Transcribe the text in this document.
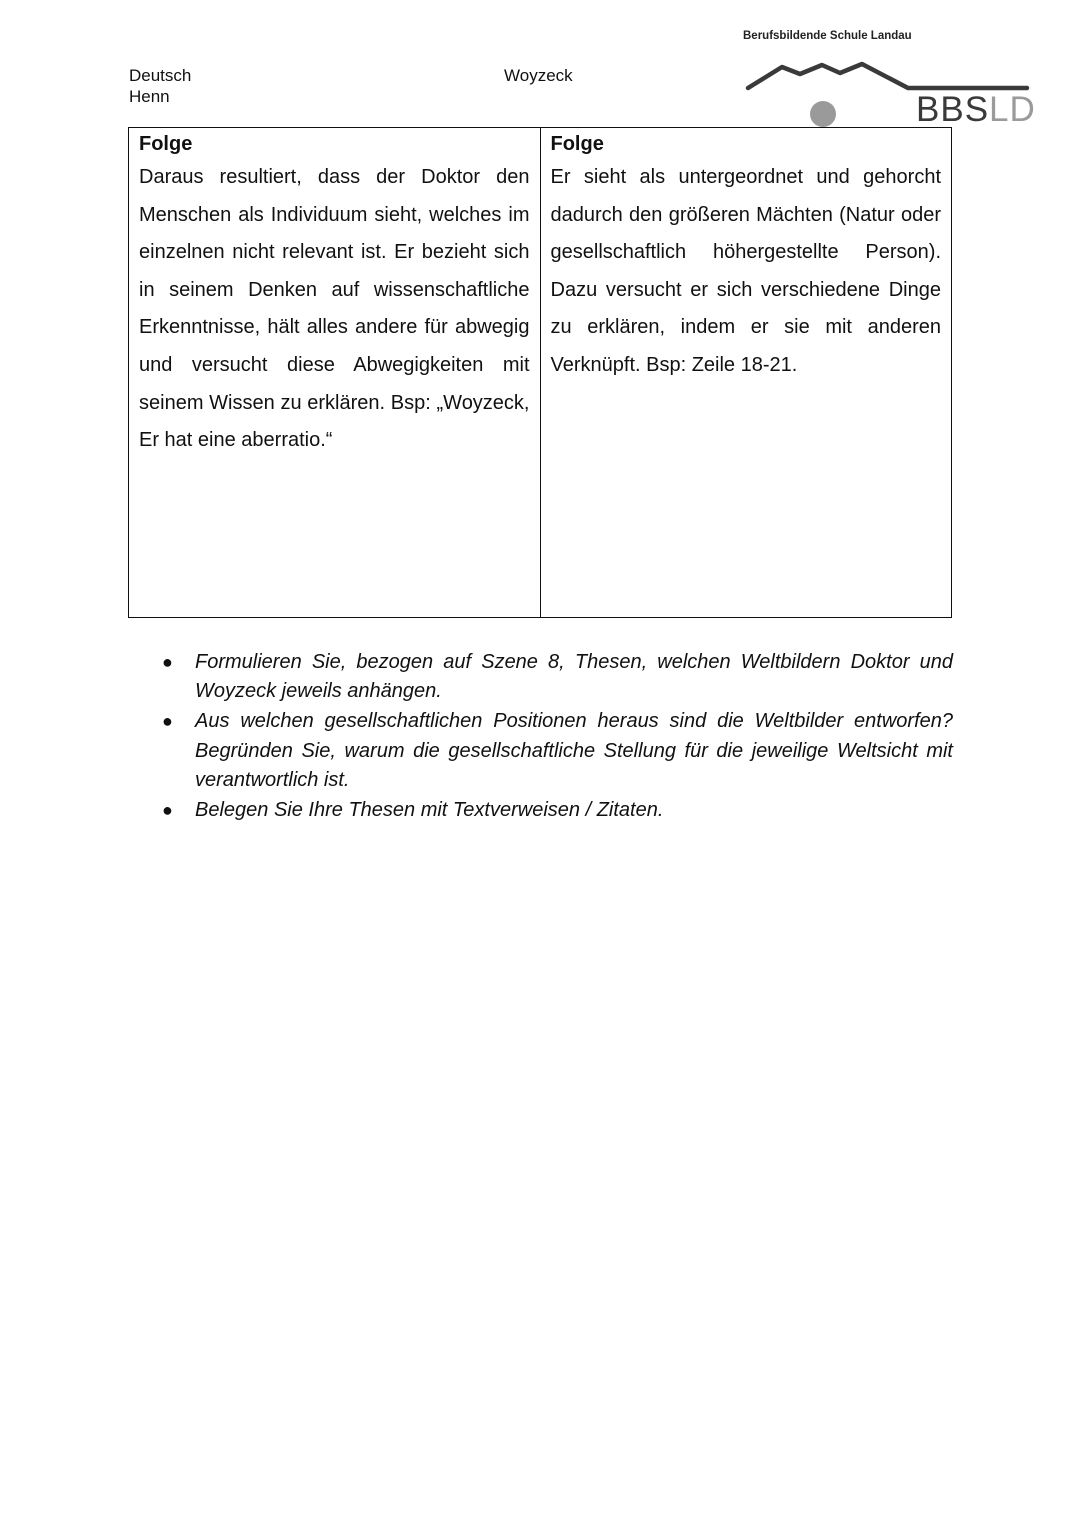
Deutsch
Henn
Woyzeck
Berufsbildende Schule Landau
BBSLD
Folge
Daraus resultiert, dass der Doktor den Menschen als Individuum sieht, welches im einzelnen nicht relevant ist. Er bezieht sich in seinem Denken auf wissenschaftliche Erkenntnisse, hält alles andere für abwegig und versucht diese Abwegigkeiten mit seinem Wissen zu erklären. Bsp: „Woyzeck, Er hat eine aberratio.“
Folge
Er sieht als untergeordnet und gehorcht dadurch den größeren Mächten (Natur oder gesellschaftlich höhergestellte Person). Dazu versucht er sich verschiedene Dinge zu erklären, indem er sie mit anderen Verknüpft. Bsp: Zeile 18-21.
● Formulieren Sie, bezogen auf Szene 8, Thesen, welchen Weltbildern Doktor und Woyzeck jeweils anhängen.
● Aus welchen gesellschaftlichen Positionen heraus sind die Weltbilder entworfen? Begründen Sie, warum die gesellschaftliche Stellung für die jeweilige Weltsicht mit verantwortlich ist.
● Belegen Sie Ihre Thesen mit Textverweisen / Zitaten.
